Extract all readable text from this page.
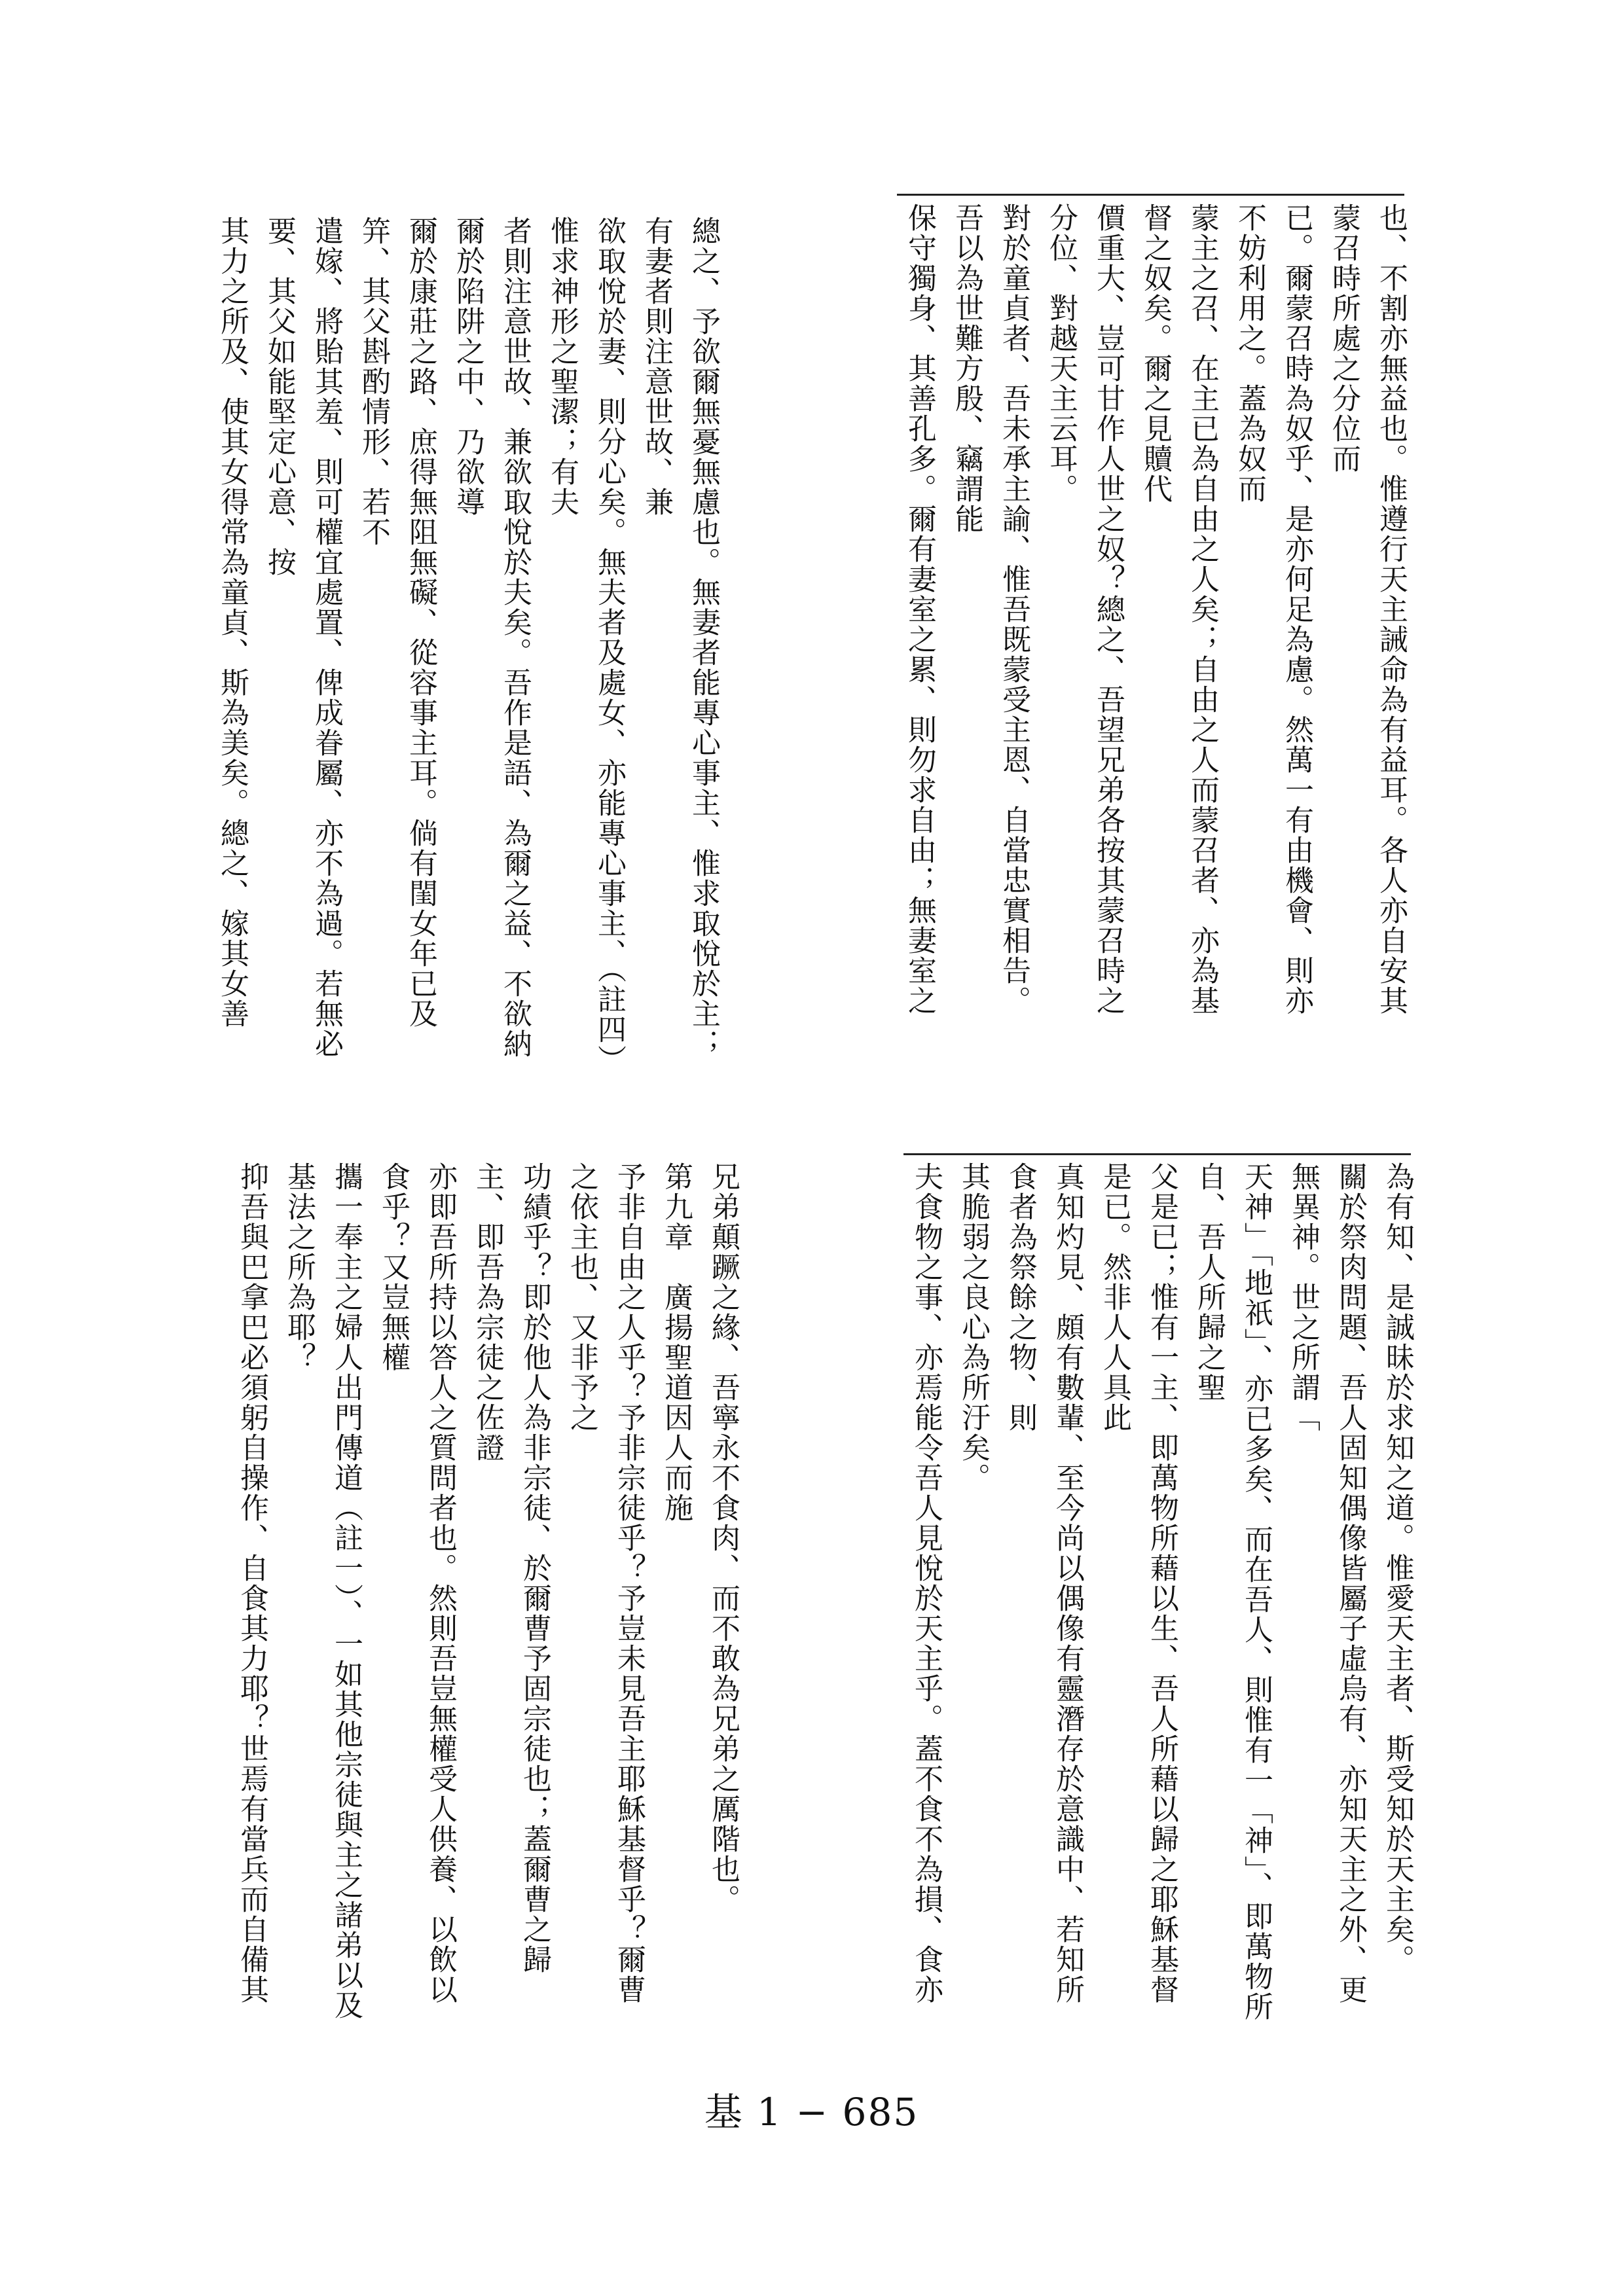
也、不割亦無益也。惟遵行天主誡命為有益耳。各人亦自安其蒙召時所處之分位而

已。爾蒙召時為奴乎、是亦何足為慮。然萬一有由機會、則亦不妨利用之。蓋為奴而

蒙主之召、在主已為自由之人矣；自由之人而蒙召者、亦為基督之奴矣。爾之見贖代

價重大、豈可甘作人世之奴？總之、吾望兄弟各按其蒙召時之分位、對越天主云耳。

對於童貞者、吾未承主諭、惟吾既蒙受主恩、自當忠實相告。吾以為世難方殷、竊謂能

保守獨身、其善孔多。爾有妻室之累、則勿求自由；無妻室之

總之、予欲爾無憂無慮也。無妻者能專心事主、惟求取悅於主；有妻者則注意世故、兼

欲取悅於妻、則分心矣。無夫者及處女、亦能專心事主、（註四）惟求神形之聖潔；有夫

者則注意世故、兼欲取悅於夫矣。吾作是語、為爾之益、不欲納爾於陷阱之中、乃欲導

爾於康莊之路、庶得無阻無礙、從容事主耳。倘有閨女年已及笄、其父斟酌情形、若不

遣嫁、將貽其羞、則可權宜處置、俾成眷屬、亦不為過。若無必要、其父如能堅定心意、按

其力之所及、使其女得常為童貞、斯為美矣。總之、嫁其女善

為有知、是誠昧於求知之道。惟愛天主者、斯受知於天主矣。

關於祭肉問題、吾人固知偶像皆屬子虛烏有、亦知天主之外、更無異神。世之所謂「

天神」「地祇」、亦已多矣、而在吾人、則惟有一「神」、即萬物所自、吾人所歸之聖

父是已；惟有一主、即萬物所藉以生、吾人所藉以歸之耶穌基督是已。然非人人具此

真知灼見、頗有數輩、至今尚以偶像有靈潛存於意識中、若知所食者為祭餘之物、則

其脆弱之良心為所汙矣。

夫食物之事、亦焉能令吾人見悅於天主乎。蓋不食不為損、食亦

兄弟顛蹶之緣、吾寧永不食肉、而不敢為兄弟之厲階也。

第九章　廣揚聖道因人而施

予非自由之人乎？予非宗徒乎？予豈未見吾主耶穌基督乎？爾曹之依主也、又非予之

功績乎？即於他人為非宗徒、於爾曹予固宗徒也；蓋爾曹之歸主、即吾為宗徒之佐證

亦即吾所持以答人之質問者也。然則吾豈無權受人供養、以飲以食乎？又豈無權

攜一奉主之婦人出門傳道（註一）、一如其他宗徒與主之諸弟以及基法之所為耶？

抑吾與巴拿巴必須躬自操作、自食其力耶？世焉有當兵而自備其

基 1 − 685
